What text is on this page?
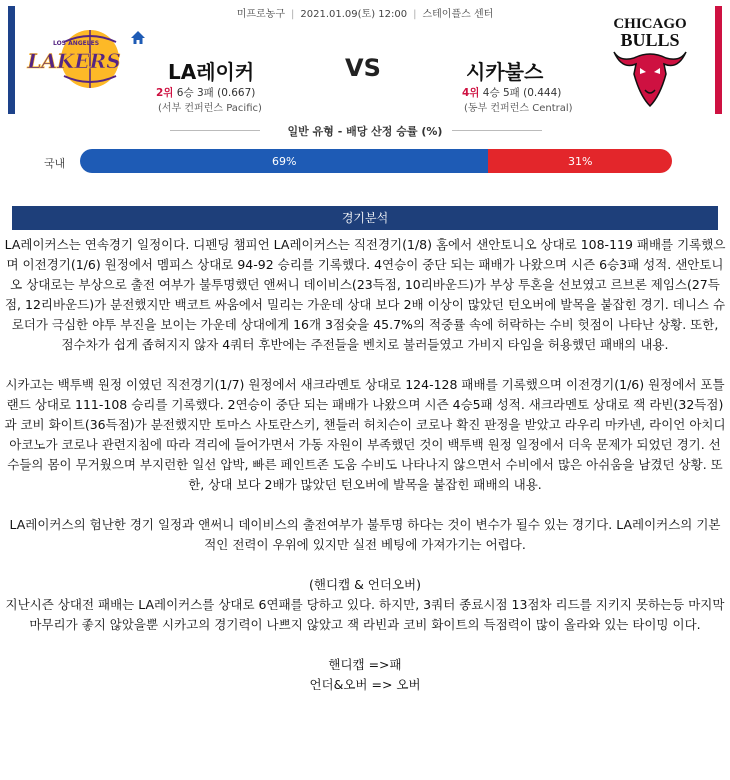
미프로농구 | 2021.01.09(토) 12:00 | 스테이플스 센터
LOS ANGELES
LAKERS
CHICAGO
BULLS
LA레이커	VS	시카불스
2위 6승 3패 (0.667)
(서부 컨퍼런스 Pacific)
4위 4승 5패 (0.444)
(동부 컨퍼런스 Central)
일반 유형 - 배당 산정 승률 (%)
국내	69%	31%
경기분석

LA레이커스는 연속경기 일정이다. 디펜딩 챔피언 LA레이커스는 직전경기(1/8) 홈에서 샌안토니오 상대로 108-119 패배를 기록했으며 이전경기(1/6) 원정에서 멤피스 상대로 94-92 승리를 기록했다. 4연승이 중단 되는 패배가 나왔으며 시즌 6승3패 성적. 샌안토니오 상대로는 부상으로 출전 여부가 불투명했던 앤써니 데이비스(23득점, 10리바운드)가 부상 투혼을 선보였고 르브론 제임스(27득점, 12리바운드)가 분전했지만 백코트 싸움에서 밀리는 가운데 상대 보다 2배 이상이 많았던 턴오버에 발목을 붙잡힌 경기. 데니스 슈로더가 극심한 야투 부진을 보이는 가운데 상대에게 16개 3점슛을 45.7%의 적중률 속에 허락하는 수비 헛점이 나타난 상황. 또한, 점수차가 쉽게 좁혀지지 않자 4쿼터 후반에는 주전들을 벤치로 불러들였고 가비지 타임을 허용했던 패배의 내용.

시카고는 백투백 원정 이였던 직전경기(1/7) 원정에서 새크라멘토 상대로 124-128 패배를 기록했으며 이전경기(1/6) 원정에서 포틀랜드 상대로 111-108 승리를 기록했다. 2연승이 중단 되는 패배가 나왔으며 시즌 4승5패 성적. 새크라멘토 상대로 잭 라빈(32득점)과 코비 화이트(36득점)가 분전했지만 토마스 사토란스키, 챈들러 허치슨이 코로나 확진 판정을 받았고 라우리 마카넨, 라이언 아치디아코노가 코로나 관련지침에 따라 격리에 들어가면서 가동 자원이 부족했던 것이 백투백 원정 일정에서 더욱 문제가 되었던 경기. 선수들의 몸이 무거웠으며 부지런한 일선 압박, 빠른 페인트존 도움 수비도 나타나지 않으면서 수비에서 많은 아쉬움을 남겼던 상황. 또한, 상대 보다 2배가 많았던 턴오버에 발목을 붙잡힌 패배의 내용.

LA레이커스의 험난한 경기 일정과 앤써니 데이비스의 출전여부가 불투명 하다는 것이 변수가 될수 있는 경기다. LA레이커스의 기본적인 전력이 우위에 있지만 실전 베팅에 가져가기는 어렵다.

(핸디캡 & 언더오버)

지난시즌 상대전 패배는 LA레이커스를 상대로 6연패를 당하고 있다. 하지만, 3쿼터 종료시점 13점차 리드를 지키지 못하는등 마지막 마무리가 좋지 않았을뿐 시카고의 경기력이 나쁘지 않았고 잭 라빈과 코비 화이트의 득점력이 많이 올라와 있는 타이밍 이다.

핸디캡 =>패

언더&오버 => 오버
